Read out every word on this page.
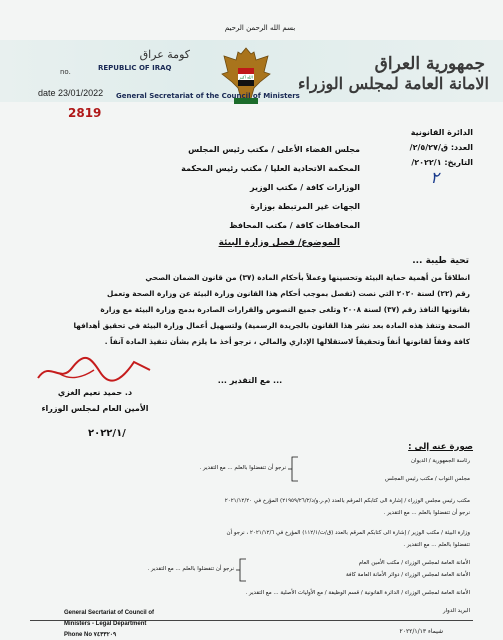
بسم الله الرحمن الرحيم
الله أكبر
جمهورية العراق
الامانة العامة لمجلس الوزراء
كومة عراق
no.	REPUBLIC OF IRAQ
date 23/01/2022 General Secretariat of the Council of Ministers
2819
الدائرة القانونية
العدد: ق/٢/٥/٢٧/
التاريخ: ٢٠٢٢/١/
٢
مجلس القضاء الأعلى / مكتب رئيس المجلس
المحكمة الاتحادية العليا / مكتب رئيس المحكمة
الوزارات كافة / مكتب الوزير
الجهات غير المرتبطة بوزارة
المحافظات كافة / مكتب المحافظ
الموضوع/ فصل وزارة البيئة
تحية طيبة ...
انطلاقاً من أهمية حماية البيئة وتحسينها وعملاً بأحكام المادة (٣٧) من قانون الضمان الصحي
رقم (٢٢) لسنة ٢٠٢٠ التي نصت (تفصل بموجب أحكام هذا القانون وزارة البيئة عن وزارة الصحة وتعمل
بقانونها النافذ رقم (٣٧) لسنة ٢٠٠٨ وتلغى جميع النصوص والقرارات الصادرة بدمج وزارة البيئة مع وزارة
الصحة وتنفذ هذه المادة بعد نشر هذا القانون بالجريدة الرسمية) ولتسهيل أعمال وزارة البيئة في تحقيق أهدافها
كافة وفقاً لقانونها أنفاً وتحقيقاً لاستقلالها الإداري والمالي ، نرجو أخذ ما يلزم بشأن تنفيذ المادة آنفاً .
... مع التقدير ...
د. حميد نعيم الغزي
الأمين العام لمجلس الوزراء
٢٠٢٢/١/
صورة عنه إلى :
رئاسة الجمهورية / الديوان
مجلس النواب / مكتب رئيس المجلس
مكتب رئيس مجلس الوزراء / إشارة الى كتابكم المرقم بالعدد (م.ر.و/د/٢١٩٥٩/٢٦/٢) المؤرخ في ٢٠٢١/١٢/٢٠
نرجو أن تتفضلوا بالعلم ... مع التقدير .
وزارة البيئة / مكتب الوزير / إشارة الى كتابكم المرقم بالعدد (ق/ت/١١٢/١) المؤرخ في ٢٠٢١/١٢/٦ ، نرجو أن
تتفضلوا بالعلم ... مع التقدير .
الأمانة العامة لمجلس الوزراء / مكتب الأمين العام
الأمانة العامة لمجلس الوزراء / دوائر الأمانة العامة كافة
الأمانة العامة لمجلس الوزراء / الدائرة القانونية / قسم الوظيفة / مع الأوليات الأصلية ... مع التقدير .
البريد الدوار
نرجو أن تتفضلوا بالعلم ... مع التقدير .
نرجو أن تتفضلوا بالعلم ... مع التقدير .
General Secrtariat of Council of
Ministers - Legal Department
Phone No ٧٤٣٣٢٠٩	شيماء ٢٠٢٢/١/١٣
